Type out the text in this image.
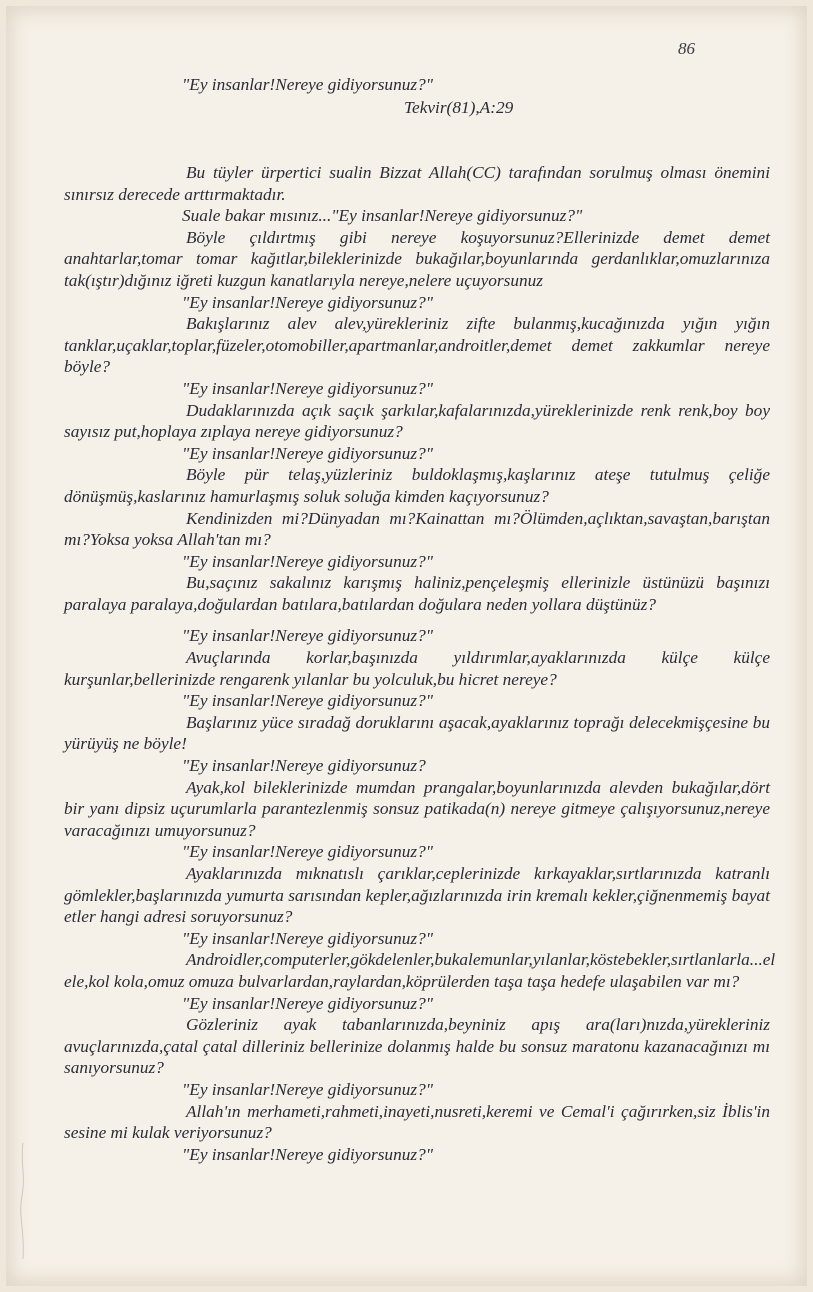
86
"Ey insanlar!Nereye gidiyorsunuz?"
Tekvir(81),A:29

Bu tüyler ürpertici sualin Bizzat Allah(CC) tarafından sorulmuş olması önemini sınırsız derecede arttırmaktadır.

Suale bakar mısınız..."Ey insanlar!Nereye gidiyorsunuz?"

Böyle çıldırtmış gibi nereye koşuyorsunuz?Ellerinizde demet demet anahtarlar,tomar tomar kağıtlar,bileklerinizde bukağılar,boyunlarında gerdanlıklar,omuzlarınıza tak(ıştır)dığınız iğreti kuzgun kanatlarıyla nereye,nelere uçuyorsunuz

"Ey insanlar!Nereye gidiyorsunuz?"

Bakışlarınız alev alev,yürekleriniz zifte bulanmış,kucağınızda yığın yığın tanklar,uçaklar,toplar,füzeler,otomobiller,apartmanlar,androitler,demet demet zakkumlar nereye böyle?

"Ey insanlar!Nereye gidiyorsunuz?"

Dudaklarınızda açık saçık şarkılar,kafalarınızda,yüreklerinizde renk renk,boy boy sayısız put,hoplaya zıplaya nereye gidiyorsunuz?

"Ey insanlar!Nereye gidiyorsunuz?"

Böyle pür telaş,yüzleriniz buldoklaşmış,kaşlarınız ateşe tutulmuş çeliğe dönüşmüş,kaslarınız hamurlaşmış soluk soluğa kimden kaçıyorsunuz?

Kendinizden mi?Dünyadan mı?Kainattan mı?Ölümden,açlıktan,savaştan,barıştan mı?Yoksa yoksa Allah'tan mı?

"Ey insanlar!Nereye gidiyorsunuz?"

Bu,saçınız sakalınız karışmış haliniz,pençeleşmiş ellerinizle üstünüzü başınızı paralaya paralaya,doğulardan batılara,batılardan doğulara neden yollara düştünüz?

"Ey insanlar!Nereye gidiyorsunuz?"

Avuçlarında korlar,başınızda yıldırımlar,ayaklarınızda külçe külçe kurşunlar,bellerinizde rengarenk yılanlar bu yolculuk,bu hicret nereye?

"Ey insanlar!Nereye gidiyorsunuz?"

Başlarınız yüce sıradağ doruklarını aşacak,ayaklarınız toprağı delecekmişçesine bu yürüyüş ne böyle!

"Ey insanlar!Nereye gidiyorsunuz?

Ayak,kol bileklerinizde mumdan prangalar,boyunlarınızda alevden bukağılar,dört bir yanı dipsiz uçurumlarla parantezlenmiş sonsuz patikada(n) nereye gitmeye çalışıyorsunuz,nereye varacağınızı umuyorsunuz?

"Ey insanlar!Nereye gidiyorsunuz?"

Ayaklarınızda mıknatıslı çarıklar,ceplerinizde kırkayaklar,sırtlarınızda katranlı gömlekler,başlarınızda yumurta sarısından kepler,ağızlarınızda irin kremalı kekler,çiğnenmemiş bayat etler hangi adresi soruyorsunuz?

"Ey insanlar!Nereye gidiyorsunuz?"

Androidler,computerler,gökdelenler,bukalemunlar,yılanlar,köstebekler,sırtlanlarla...el ele,kol kola,omuz omuza bulvarlardan,raylardan,köprülerden taşa taşa hedefe ulaşabilen var mı?

"Ey insanlar!Nereye gidiyorsunuz?"

Gözleriniz ayak tabanlarınızda,beyniniz apış ara(ları)nızda,yürekleriniz avuçlarınızda,çatal çatal dilleriniz bellerinize dolanmış halde bu sonsuz maratonu kazanacağınızı mı sanıyorsunuz?

"Ey insanlar!Nereye gidiyorsunuz?"

Allah'ın merhameti,rahmeti,inayeti,nusreti,keremi ve Cemal'i çağırırken,siz İblis'in sesine mi kulak veriyorsunuz?

"Ey insanlar!Nereye gidiyorsunuz?"
